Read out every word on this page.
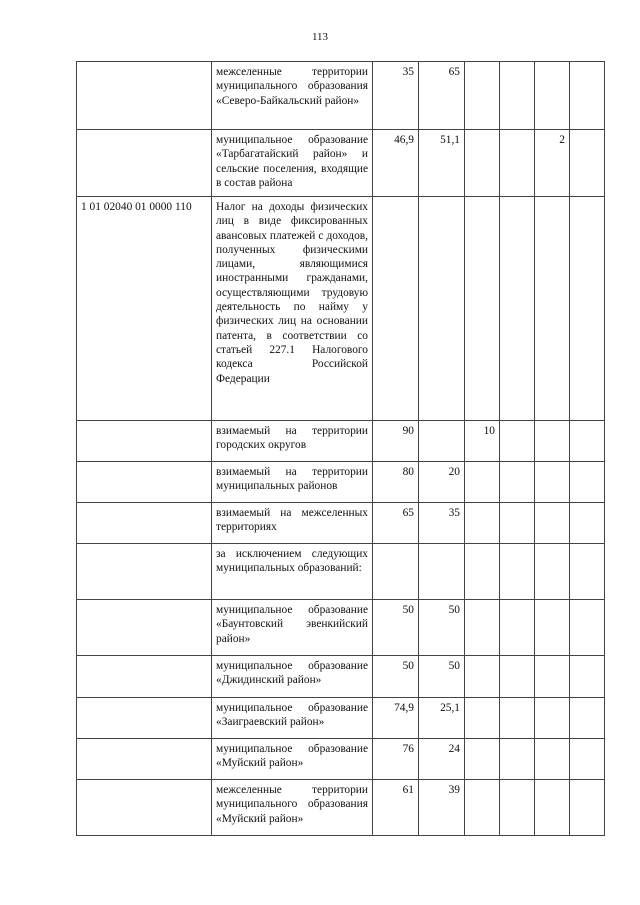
113
	межселенные территории муниципального образования «Северо-Байкальский район»	35	65				
	муниципальное образование «Тарбагатайский район» и сельские поселения, входящие в состав района	46,9	51,1			2	
1 01 02040 01 0000 110	Налог на доходы физических лиц в виде фиксированных авансовых платежей с доходов, полученных физическими лицами, являющимися иностранными гражданами, осуществляющими трудовую деятельность по найму у физических лиц на основании патента, в соответствии со статьей 227.1 Налогового кодекса Российской Федерации						
	взимаемый на территории городских округов	90		10			
	взимаемый на территории муниципальных районов	80	20				
	взимаемый на межселенных территориях	65	35				
	за исключением следующих муниципальных образований:						
	муниципальное образование «Баунтовский эвенкийский район»	50	50				
	муниципальное образование «Джидинский район»	50	50				
	муниципальное образование «Заиграевский район»	74,9	25,1				
	муниципальное образование «Муйский район»	76	24				
	межселенные территории муниципального образования «Муйский район»	61	39				
